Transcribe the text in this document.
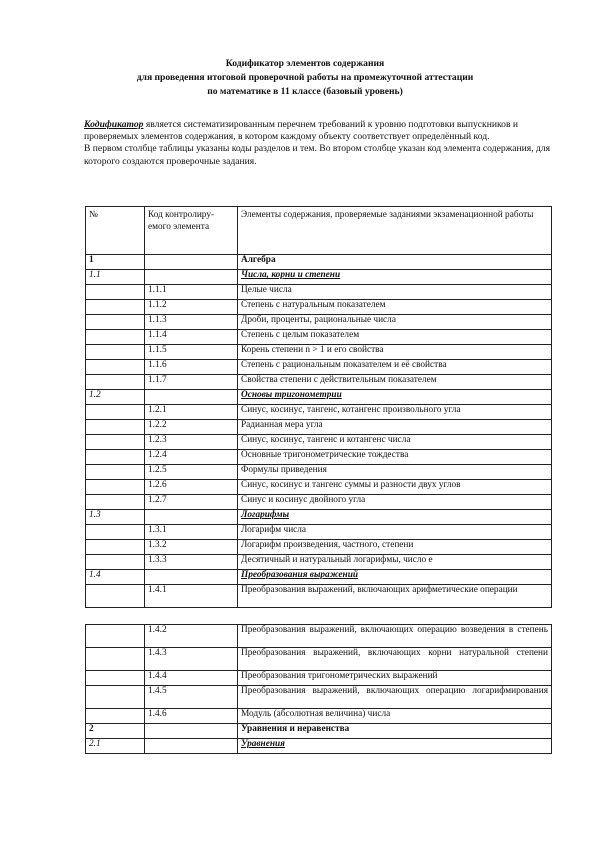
Кодификатор элементов содержания
для проведения итоговой проверочной работы на промежуточной аттестации
по математике в 11 классе (базовый уровень)
Кодификатор является систематизированным перечнем требований к уровню подготовки выпускников и проверяемых элементов содержания, в котором каждому объекту соответствует определённый код.
В первом столбце таблицы указаны коды разделов и тем. Во втором столбце указан код элемента содержания, для которого создаются проверочные задания.
№	Код контролиру-емого элемента	Элементы содержания, проверяемые заданиями экзаменационной работы
1		Алгебра
1.1		Числа, корни и степени
	1.1.1	Целые числа
	1.1.2	Степень с натуральным показателем
	1.1.3	Дроби, проценты, рациональные числа
	1.1.4	Степень с целым показателем
	1.1.5	Корень степени n > 1 и его свойства
	1.1.6	Степень с рациональным показателем и её свойства
	1.1.7	Свойства степени с действительным показателем
1.2		Основы тригонометрии
	1.2.1	Синус, косинус, тангенс, котангенс произвольного угла
	1.2.2	Радианная мера угла
	1.2.3	Синус, косинус, тангенс и котангенс числа
	1.2.4	Основные тригонометрические тождества
	1.2.5	Формулы приведения
	1.2.6	Синус, косинус и тангенс суммы и разности двух углов
	1.2.7	Синус и косинус двойного угла
1.3		Логарифмы
	1.3.1	Логарифм числа
	1.3.2	Логарифм произведения, частного, степени
	1.3.3	Десятичный и натуральный логарифмы, число e
1.4		Преобразования выражений
	1.4.1	Преобразования выражений, включающих арифметические операции
	1.4.2	Преобразования выражений, включающих операцию возведения в степень
	1.4.3	Преобразования выражений, включающих корни натуральной степени
	1.4.4	Преобразования тригонометрических выражений
	1.4.5	Преобразования выражений, включающих операцию логарифмирования
	1.4.6	Модуль (абсолютная величина) числа
2		Уравнения и неравенства
2.1		Уравнения
